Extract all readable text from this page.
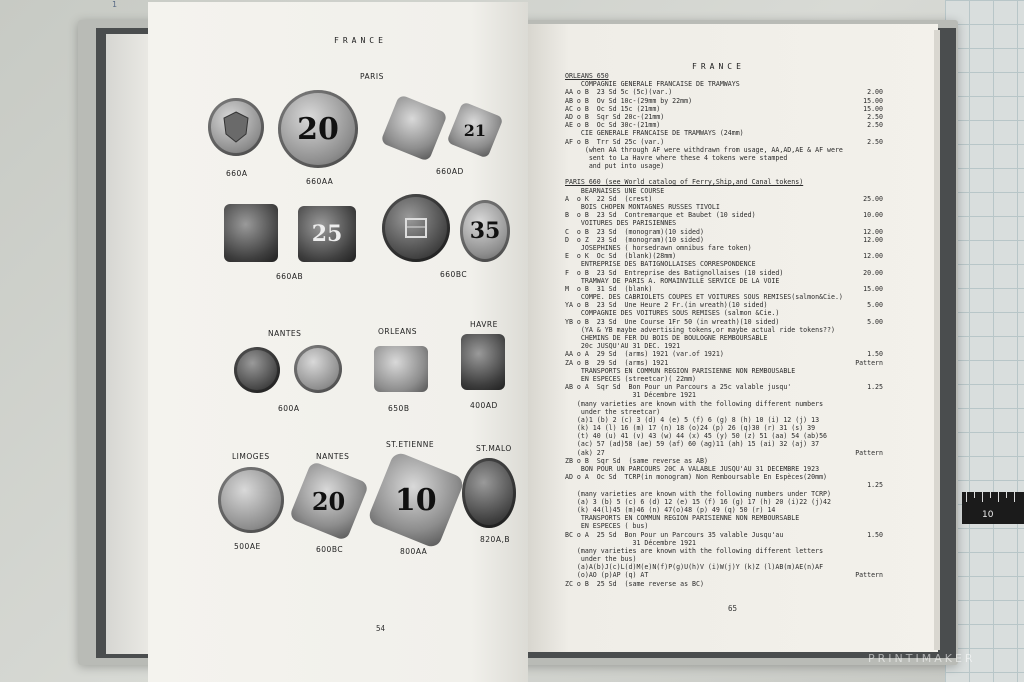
10
1
FRANCE
PARIS
20	21
660A
660AA
660AD
25	35
660AB	660BC
NANTES	ORLEANS
HAVRE
600A	650B	400AD
LIMOGES	NANTES
ST.ETIENNE	ST.MALO
20 10
500AE	600BC	800AA
820A,B
54
FRANCE
65
ORLEANS 650
COMPAGNIE GENERALE FRANCAISE DE TRAMWAYS
AA o B  23 Sd 5c (5c)(var.)	2.00
AB o B  Ov Sd 10c-(29mm by 22mm)	15.00
AC o B  Oc Sd 15c (21mm)	15.00
AD o B  Sqr Sd 20c-(21mm)	2.50
AE o B  Oc Sd 30c-(21mm)	2.50
CIE GENERALE FRANCAISE DE TRAMWAYS (24mm)
AF o B  Trr Sd 25c (var.)	2.50
(when AA through AF were withdrawn from usage, AA,AD,AE & AF were
sent to La Havre where these 4 tokens were stamped
and put into usage)
PARIS 660 (see World catalog of Ferry,Ship,and Canal tokens)
BEARNAISES UNE COURSE
A  o K  22 Sd  (crest)	25.00
BOIS CHOPEN MONTAGNES RUSSES TIVOLI
B  o B  23 Sd  Contremarque et Baubet (10 sided)	10.00
VOITURES DES PARISIENNES
C  o B  23 Sd  (monogram)(10 sided)	12.00
D  o Z  23 Sd  (monogram)(10 sided)	12.00
JOSEPHINES ( horsedrawn omnibus fare token)
E  o K  Oc Sd  (blank)(28mm)	12.00
ENTREPRISE DES BATIGNOLLAISES CORRESPONDENCE
F  o B  23 Sd  Entreprise des Batignollaises (10 sided)	20.00
TRAMWAY DE PARIS A. ROMAINVILLE SERVICE DE LA VOIE
M  o B  31 Sd  (blank)	15.00
COMPE. DES CABRIOLETS COUPES ET VOITURES SOUS REMISES(salmon&Cie.)
YA o B  23 Sd  Une Heure 2 Fr.(in wreath)(10 sided)	5.00
COMPAGNIE DES VOITURES SOUS REMISES (salmon &Cie.)
YB o B  23 Sd  Une Course 1Fr 50 (in wreath)(10 sided)	5.00
(YA & YB maybe advertising tokens,or maybe actual ride tokens??)
CHEMINS DE FER DU BOIS DE BOULOGNE REMBOURSABLE
20c JUSQU'AU 31 DEC. 1921
AA o A  29 Sd  (arms) 1921 (var.of 1921)	1.50
ZA o B  29 Sd  (arms) 1921	Pattern
TRANSPORTS EN COMMUN REGION PARISIENNE NON REMBOUSABLE
EN ESPECES (streetcar)( 22mm)
AB o A  Sqr Sd  Bon Pour un Parcours a 25c valable jusqu'	1.25
31 Décembre 1921
(many varieties are known with the following different numbers
under the streetcar)
(a)1 (b) 2 (c) 3 (d) 4 (e) 5 (f) 6 (g) 8 (h) 10 (i) 12 (j) 13
(k) 14 (l) 16 (m) 17 (n) 18 (o)24 (p) 26 (q)30 (r) 31 (s) 39
(t) 40 (u) 41 (v) 43 (w) 44 (x) 45 (y) 50 (z) 51 (aa) 54 (ab)56
(ac) 57 (ad)58 (ae) 59 (af) 60 (ag)11 (ah) 15 (ai) 32 (aj) 37
(ak) 27	Pattern
ZB o B  Sqr Sd  (same reverse as AB)
BON POUR UN PARCOURS 20C A VALABLE JUSQU'AU 31 DECEMBRE 1923
AD o A  Oc Sd  TCRP(in monogram) Non Remboursable En Espèces(20mm)
1.25
(many varieties are known with the following numbers under TCRP)
(a) 3 (b) 5 (c) 6 (d) 12 (e) 15 (f) 16 (g) 17 (h) 20 (i)22 (j)42
(k) 44(l)45 (m)46 (n) 47(o)48 (p) 49 (q) 50 (r) 14
TRANSPORTS EN COMMUN REGION PARISIENNE NON REMBOURSABLE
EN ESPECES ( bus)
BC o A  25 Sd  Bon Pour un Parcours 35 valable Jusqu'au	1.50
31 Décembre 1921
(many varieties are known with the following different letters
under the bus)
(a)A(b)J(c)L(d)M(e)N(f)P(g)U(h)V (i)W(j)Y (k)Z (l)AB(m)AE(n)AF
(o)AO (p)AP (q) AT	Pattern
ZC o B  25 Sd  (same reverse as BC)
PRINTIMAKER
